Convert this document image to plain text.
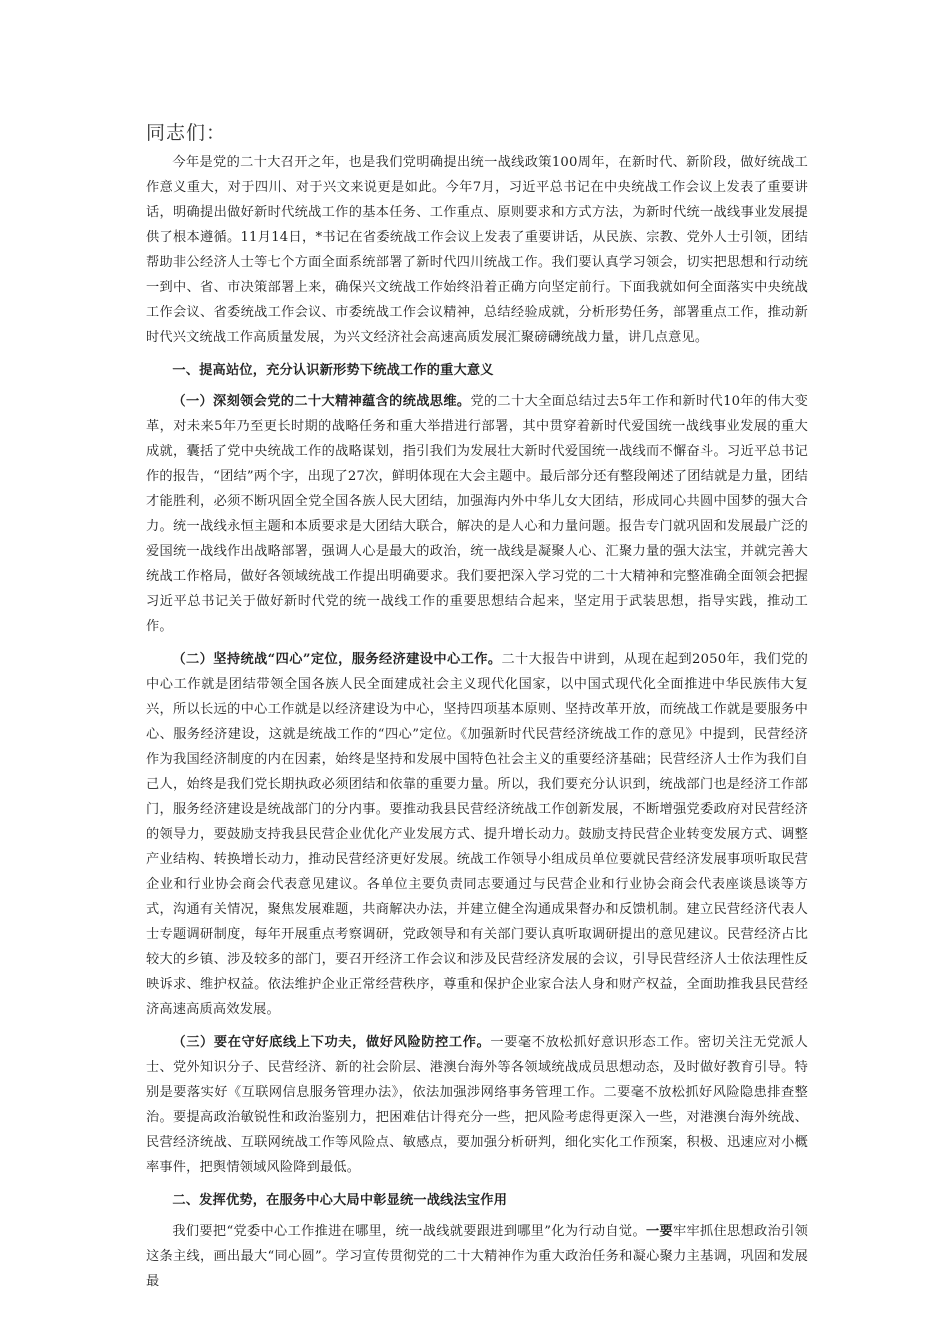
同志们：

今年是党的二十大召开之年，也是我们党明确提出统一战线政策100周年，在新时代、新阶段，做好统战工作意义重大，对于四川、对于兴文来说更是如此。今年7月，习近平总书记在中央统战工作会议上发表了重要讲话，明确提出做好新时代统战工作的基本任务、工作重点、原则要求和方式方法，为新时代统一战线事业发展提供了根本遵循。11月14日，*书记在省委统战工作会议上发表了重要讲话，从民族、宗教、党外人士引领，团结帮助非公经济人士等七个方面全面系统部署了新时代四川统战工作。我们要认真学习领会，切实把思想和行动统一到中、省、市决策部署上来，确保兴文统战工作始终沿着正确方向坚定前行。下面我就如何全面落实中央统战工作会议、省委统战工作会议、市委统战工作会议精神，总结经验成就，分析形势任务，部署重点工作，推动新时代兴文统战工作高质量发展，为兴文经济社会高速高质发展汇聚磅礴统战力量，讲几点意见。

一、提高站位，充分认识新形势下统战工作的重大意义

（一）深刻领会党的二十大精神蕴含的统战思维。党的二十大全面总结过去5年工作和新时代10年的伟大变革，对未来5年乃至更长时期的战略任务和重大举措进行部署，其中贯穿着新时代爱国统一战线事业发展的重大成就，囊括了党中央统战工作的战略谋划，指引我们为发展壮大新时代爱国统一战线而不懈奋斗。习近平总书记作的报告，“团结”两个字，出现了27次，鲜明体现在大会主题中。最后部分还有整段阐述了团结就是力量，团结才能胜利，必须不断巩固全党全国各族人民大团结，加强海内外中华儿女大团结，形成同心共圆中国梦的强大合力。统一战线永恒主题和本质要求是大团结大联合，解决的是人心和力量问题。报告专门就巩固和发展最广泛的爱国统一战线作出战略部署，强调人心是最大的政治，统一战线是凝聚人心、汇聚力量的强大法宝，并就完善大统战工作格局，做好各领域统战工作提出明确要求。我们要把深入学习党的二十大精神和完整准确全面领会把握习近平总书记关于做好新时代党的统一战线工作的重要思想结合起来，坚定用于武装思想，指导实践，推动工作。

（二）坚持统战“四心”定位，服务经济建设中心工作。二十大报告中讲到，从现在起到2050年，我们党的中心工作就是团结带领全国各族人民全面建成社会主义现代化国家，以中国式现代化全面推进中华民族伟大复兴，所以长远的中心工作就是以经济建设为中心，坚持四项基本原则、坚持改革开放，而统战工作就是要服务中心、服务经济建设，这就是统战工作的“四心”定位。《加强新时代民营经济统战工作的意见》中提到，民营经济作为我国经济制度的内在因素，始终是坚持和发展中国特色社会主义的重要经济基础；民营经济人士作为我们自己人，始终是我们党长期执政必须团结和依靠的重要力量。所以，我们要充分认识到，统战部门也是经济工作部门，服务经济建设是统战部门的分内事。要推动我县民营经济统战工作创新发展，不断增强党委政府对民营经济的领导力，要鼓励支持我县民营企业优化产业发展方式、提升增长动力。鼓励支持民营企业转变发展方式、调整产业结构、转换增长动力，推动民营经济更好发展。统战工作领导小组成员单位要就民营经济发展事项听取民营企业和行业协会商会代表意见建议。各单位主要负责同志要通过与民营企业和行业协会商会代表座谈恳谈等方式，沟通有关情况，聚焦发展难题，共商解决办法，并建立健全沟通成果督办和反馈机制。建立民营经济代表人士专题调研制度，每年开展重点考察调研，党政领导和有关部门要认真听取调研提出的意见建议。民营经济占比较大的乡镇、涉及较多的部门，要召开经济工作会议和涉及民营经济发展的会议，引导民营经济人士依法理性反映诉求、维护权益。依法维护企业正常经营秩序，尊重和保护企业家合法人身和财产权益，全面助推我县民营经济高速高质高效发展。

（三）要在守好底线上下功夫，做好风险防控工作。一要毫不放松抓好意识形态工作。密切关注无党派人士、党外知识分子、民营经济、新的社会阶层、港澳台海外等各领域统战成员思想动态，及时做好教育引导。特别是要落实好《互联网信息服务管理办法》，依法加强涉网络事务管理工作。二要毫不放松抓好风险隐患排查整治。要提高政治敏锐性和政治鉴别力，把困难估计得充分一些，把风险考虑得更深入一些，对港澳台海外统战、民营经济统战、互联网统战工作等风险点、敏感点，要加强分析研判，细化实化工作预案，积极、迅速应对小概率事件，把舆情领域风险降到最低。

二、发挥优势，在服务中心大局中彰显统一战线法宝作用

我们要把“党委中心工作推进在哪里，统一战线就要跟进到哪里”化为行动自觉。一要牢牢抓住思想政治引领这条主线，画出最大“同心圆”。学习宣传贯彻党的二十大精神作为重大政治任务和凝心聚力主基调，巩固和发展最
